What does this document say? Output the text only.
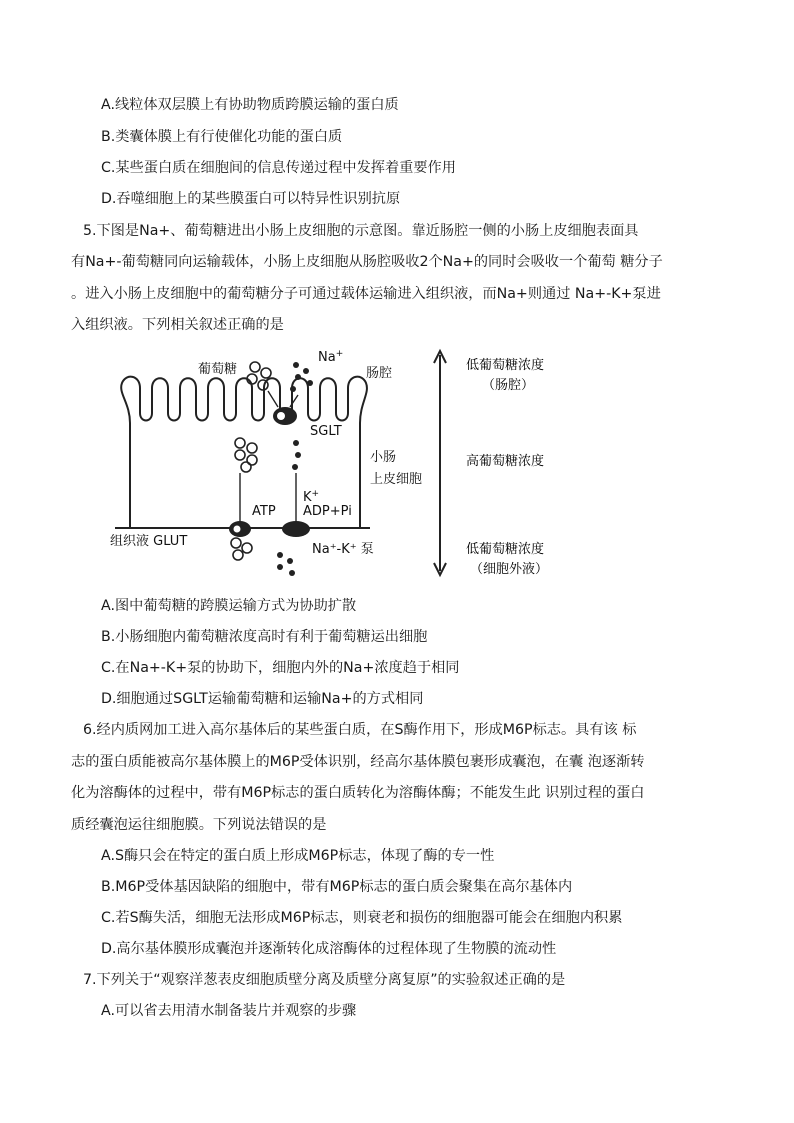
A.线粒体双层膜上有协助物质跨膜运输的蛋白质
B.类囊体膜上有行使催化功能的蛋白质
C.某些蛋白质在细胞间的信息传递过程中发挥着重要作用
D.吞噬细胞上的某些膜蛋白可以特异性识别抗原
5.下图是Na+、葡萄糖进出小肠上皮细胞的示意图。靠近肠腔一侧的小肠上皮细胞表面具
有Na+-葡萄糖同向运输载体，小肠上皮细胞从肠腔吸收2个Na+的同时会吸收一个葡萄 糖分子
。进入小肠上皮细胞中的葡萄糖分子可通过载体运输进入组织液，而Na+则通过 Na+-K+泵进
入组织液。下列相关叙述正确的是
葡萄糖
Na+
肠腔
SGLT
小肠
上皮细胞
ATP
K+
ADP+Pi
组织液 GLUT
Na⁺-K⁺ 泵
低葡萄糖浓度
（肠腔）
高葡萄糖浓度
低葡萄糖浓度
（细胞外液）
A.图中葡萄糖的跨膜运输方式为协助扩散
B.小肠细胞内葡萄糖浓度高时有利于葡萄糖运出细胞
C.在Na+-K+泵的协助下，细胞内外的Na+浓度趋于相同
D.细胞通过SGLT运输葡萄糖和运输Na+的方式相同
6.经内质网加工进入高尔基体后的某些蛋白质，在S酶作用下，形成M6P标志。具有该 标
志的蛋白质能被高尔基体膜上的M6P受体识别，经高尔基体膜包裹形成囊泡，在囊 泡逐渐转
化为溶酶体的过程中，带有M6P标志的蛋白质转化为溶酶体酶；不能发生此 识别过程的蛋白
质经囊泡运往细胞膜。下列说法错误的是
A.S酶只会在特定的蛋白质上形成M6P标志，体现了酶的专一性
B.M6P受体基因缺陷的细胞中，带有M6P标志的蛋白质会聚集在高尔基体内
C.若S酶失活，细胞无法形成M6P标志，则衰老和损伤的细胞器可能会在细胞内积累
D.高尔基体膜形成囊泡并逐渐转化成溶酶体的过程体现了生物膜的流动性
7.下列关于“观察洋葱表皮细胞质壁分离及质壁分离复原”的实验叙述正确的是
A.可以省去用清水制备装片并观察的步骤
